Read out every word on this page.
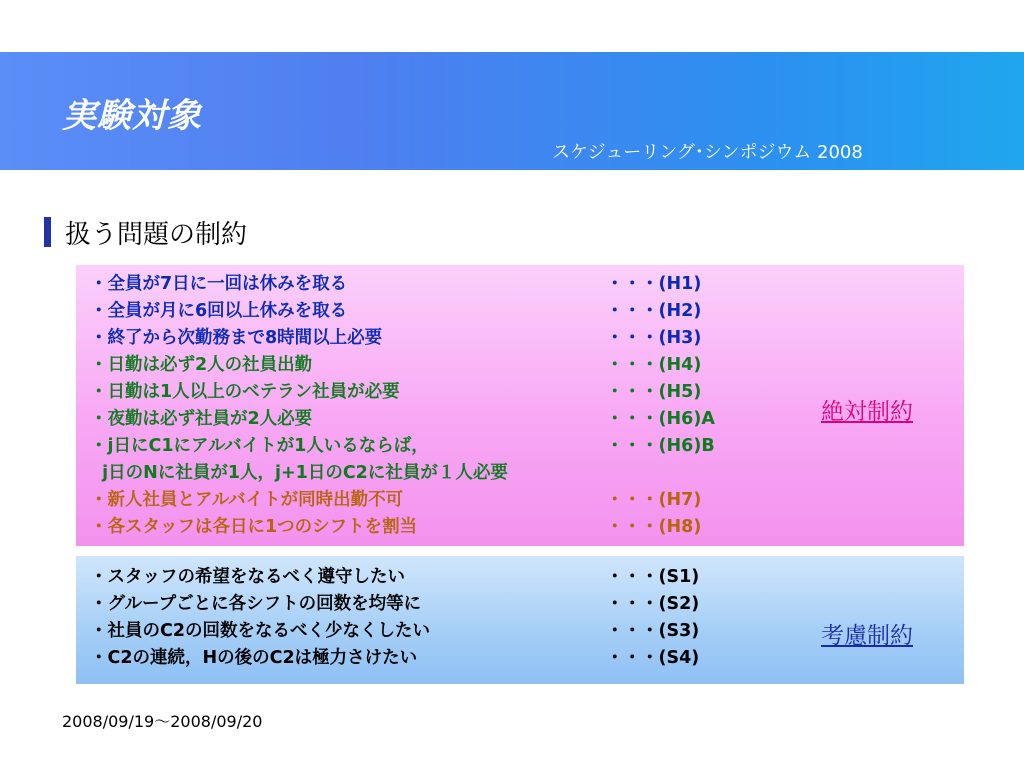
実験対象
スケジューリング･シンポジウム 2008
扱う問題の制約
・全員が7日に一回は休みを取る	・・・(H1)
・全員が月に6回以上休みを取る	・・・(H2)
・終了から次勤務まで8時間以上必要	・・・(H3)
・日勤は必ず2人の社員出勤	・・・(H4)
・日勤は1人以上のベテラン社員が必要	・・・(H5)
・夜勤は必ず社員が2人必要	・・・(H6)A
・j日にC1にアルバイトが1人いるならば，	・・・(H6)B
j日のNに社員が1人，j+1日のC2に社員が１人必要
・新人社員とアルバイトが同時出勤不可	・・・(H7)
・各スタッフは各日に1つのシフトを割当	・・・(H8)
絶対制約
・スタッフの希望をなるべく遵守したい	・・・(S1)
・グループごとに各シフトの回数を均等に	・・・(S2)
・社員のC2の回数をなるべく少なくしたい	・・・(S3)
・C2の連続，Hの後のC2は極力さけたい	・・・(S4)
考慮制約
2008/09/19〜2008/09/20
